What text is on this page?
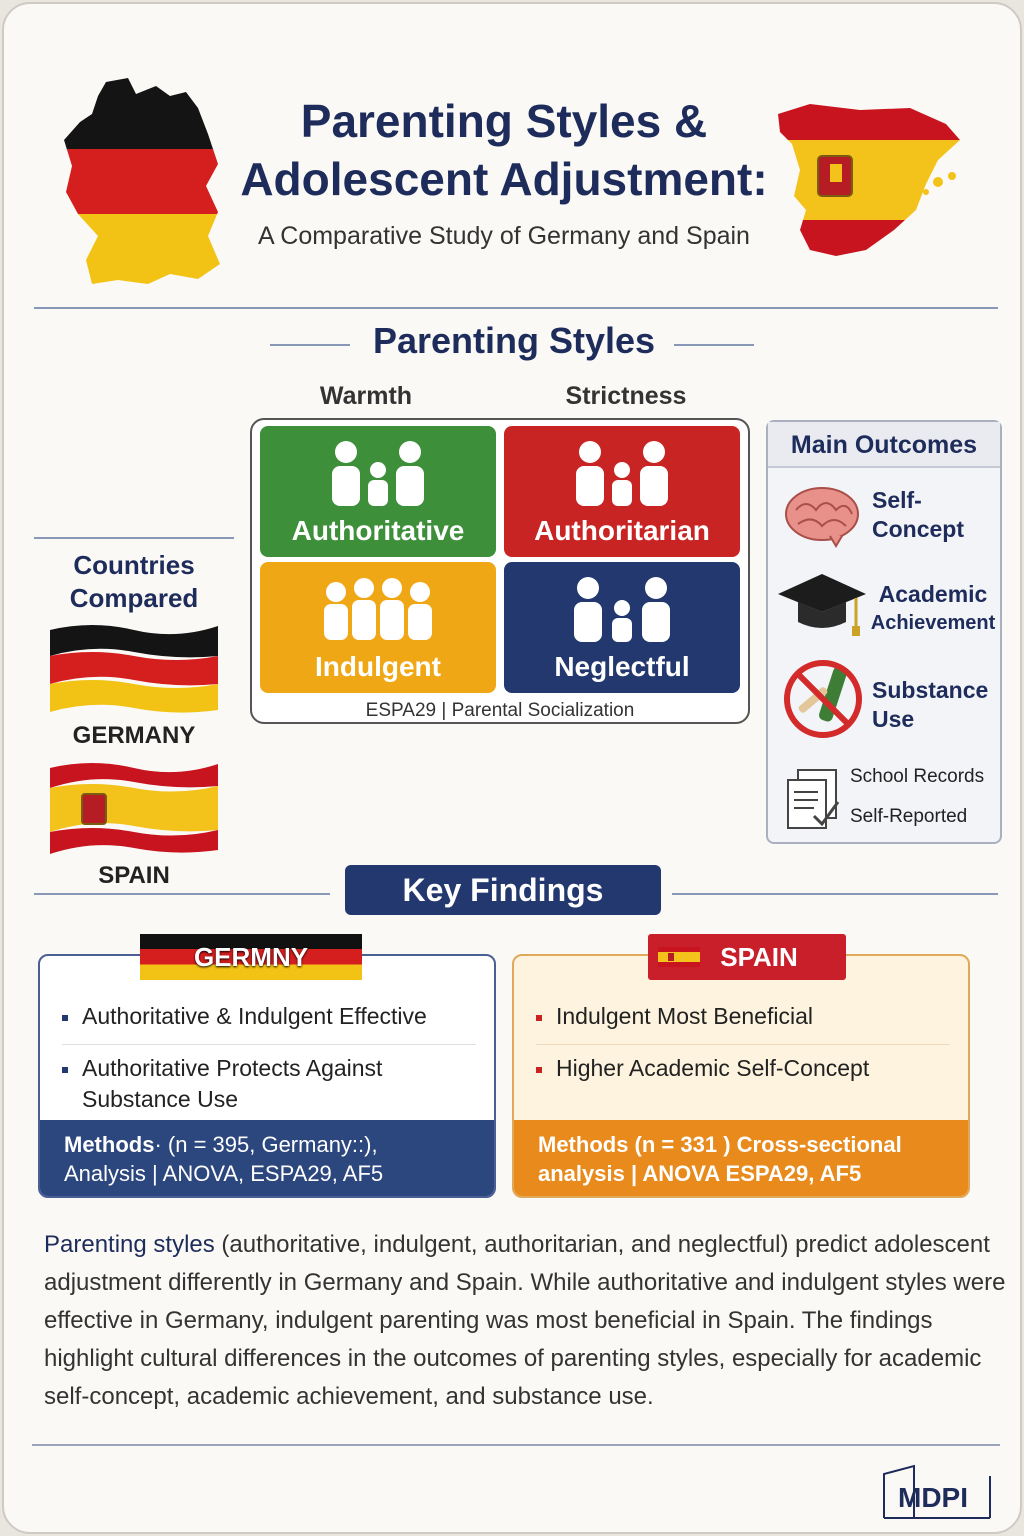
Parenting Styles &
Adolescent Adjustment:
A Comparative Study of Germany and Spain
Parenting Styles
Warmth	Strictness
Authoritative	Authoritarian
Indulgent	Neglectful
ESPA29 | Parental Socialization
Countries
Compared
GERMANY
SPAIN
Main Outcomes
Self-
Concept
Academic
Achievement
Substance
Use
School Records
Self-Reported
Key Findings
Authoritative & Indulgent Effective
Authoritative Protects Against
Substance Use
Methods· (n = 395, Germany::),
Analysis | ANOVA, ESPA29, AF5
Indulgent Most Beneficial
Higher Academic Self-Concept
Methods (n = 331 ) Cross-sectional
analysis | ANOVA ESPA29, AF5
GERMNY	SPAIN
Parenting styles (authoritative, indulgent, authoritarian, and neglectful) predict adolescent adjustment differently in Germany and Spain. While authoritative and indulgent styles were effective in Germany, indulgent parenting was most beneficial in Spain. The findings highlight cultural differences in the outcomes of parenting styles, especially for academic self-concept, academic achievement, and substance use.
MDPI
